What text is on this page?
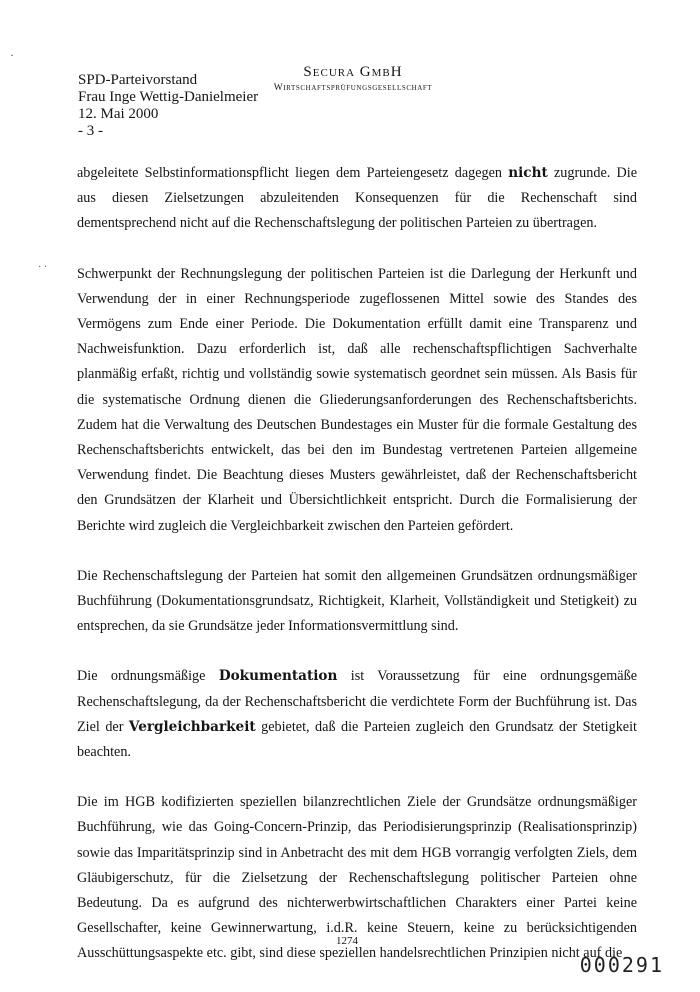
·
· ·
SPD-Parteivorstand
Frau Inge Wettig-Danielmeier
12. Mai 2000
- 3 -
Secura GmbH
Wirtschaftsprüfungsgesellschaft

abgeleitete Selbstinformationspflicht liegen dem Parteiengesetz dagegen nicht zugrunde. Die aus diesen Zielsetzungen abzuleitenden Konsequenzen für die Rechenschaft sind dementsprechend nicht auf die Rechenschaftslegung der politischen Parteien zu übertragen.

Schwerpunkt der Rechnungslegung der politischen Parteien ist die Darlegung der Herkunft und Verwendung der in einer Rechnungsperiode zugeflossenen Mittel sowie des Standes des Vermögens zum Ende einer Periode. Die Dokumentation erfüllt damit eine Transparenz und Nachweisfunktion. Dazu erforderlich ist, daß alle rechenschaftspflichtigen Sachverhalte planmäßig erfaßt, richtig und vollständig sowie systematisch geordnet sein müssen. Als Basis für die systematische Ordnung dienen die Gliederungsanforderungen des Rechenschaftsberichts. Zudem hat die Verwaltung des Deutschen Bundestages ein Muster für die formale Gestaltung des Rechenschaftsberichts entwickelt, das bei den im Bundestag vertretenen Parteien allgemeine Verwendung findet. Die Beachtung dieses Musters gewährleistet, daß der Rechenschaftsbericht den Grundsätzen der Klarheit und Übersichtlichkeit entspricht. Durch die Formalisierung der Berichte wird zugleich die Vergleichbarkeit zwischen den Parteien gefördert.

Die Rechenschaftslegung der Parteien hat somit den allgemeinen Grundsätzen ordnungsmäßiger Buchführung (Dokumentationsgrundsatz, Richtigkeit, Klarheit, Vollständigkeit und Stetigkeit) zu entsprechen, da sie Grundsätze jeder Informationsvermittlung sind.

Die ordnungsmäßige Dokumentation ist Voraussetzung für eine ordnungsgemäße Rechenschaftslegung, da der Rechenschaftsbericht die verdichtete Form der Buchführung ist. Das Ziel der Vergleichbarkeit gebietet, daß die Parteien zugleich den Grundsatz der Stetigkeit beachten.

Die im HGB kodifizierten speziellen bilanzrechtlichen Ziele der Grundsätze ordnungsmäßiger Buchführung, wie das Going-Concern-Prinzip, das Periodisierungsprinzip (Realisationsprinzip) sowie das Imparitätsprinzip sind in Anbetracht des mit dem HGB vorrangig verfolgten Ziels, dem Gläubigerschutz, für die Zielsetzung der Rechenschaftslegung politischer Parteien ohne Bedeutung. Da es aufgrund des nichterwerbwirtschaftlichen Charakters einer Partei keine Gesellschafter, keine Gewinnerwartung, i.d.R. keine Steuern, keine zu berücksichtigenden Ausschüttungsaspekte etc. gibt, sind diese speziellen handelsrechtlichen Prinzipien nicht auf die

1274
000291
